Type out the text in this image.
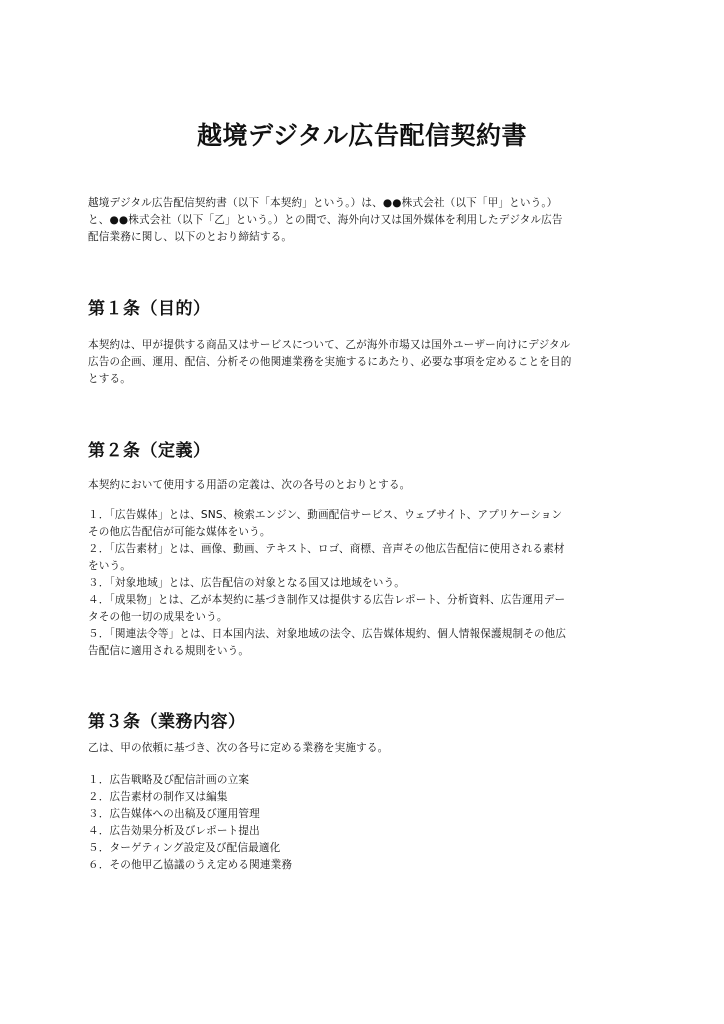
越境デジタル広告配信契約書
越境デジタル広告配信契約書（以下「本契約」という。）は、●●株式会社（以下「甲」という。）
と、●●株式会社（以下「乙」という。）との間で、海外向け又は国外媒体を利用したデジタル広告
配信業務に関し、以下のとおり締結する。
第１条（目的）
本契約は、甲が提供する商品又はサービスについて、乙が海外市場又は国外ユーザー向けにデジタル
広告の企画、運用、配信、分析その他関連業務を実施するにあたり、必要な事項を定めることを目的
とする。
第２条（定義）
本契約において使用する用語の定義は、次の各号のとおりとする。
１．「広告媒体」とは、SNS、検索エンジン、動画配信サービス、ウェブサイト、アプリケーション
その他広告配信が可能な媒体をいう。
２．「広告素材」とは、画像、動画、テキスト、ロゴ、商標、音声その他広告配信に使用される素材
をいう。
３．「対象地域」とは、広告配信の対象となる国又は地域をいう。
４．「成果物」とは、乙が本契約に基づき制作又は提供する広告レポート、分析資料、広告運用デー
タその他一切の成果をいう。
５．「関連法令等」とは、日本国内法、対象地域の法令、広告媒体規約、個人情報保護規制その他広
告配信に適用される規則をいう。
第３条（業務内容）
乙は、甲の依頼に基づき、次の各号に定める業務を実施する。
１．広告戦略及び配信計画の立案
２．広告素材の制作又は編集
３．広告媒体への出稿及び運用管理
４．広告効果分析及びレポート提出
５．ターゲティング設定及び配信最適化
６．その他甲乙協議のうえ定める関連業務
